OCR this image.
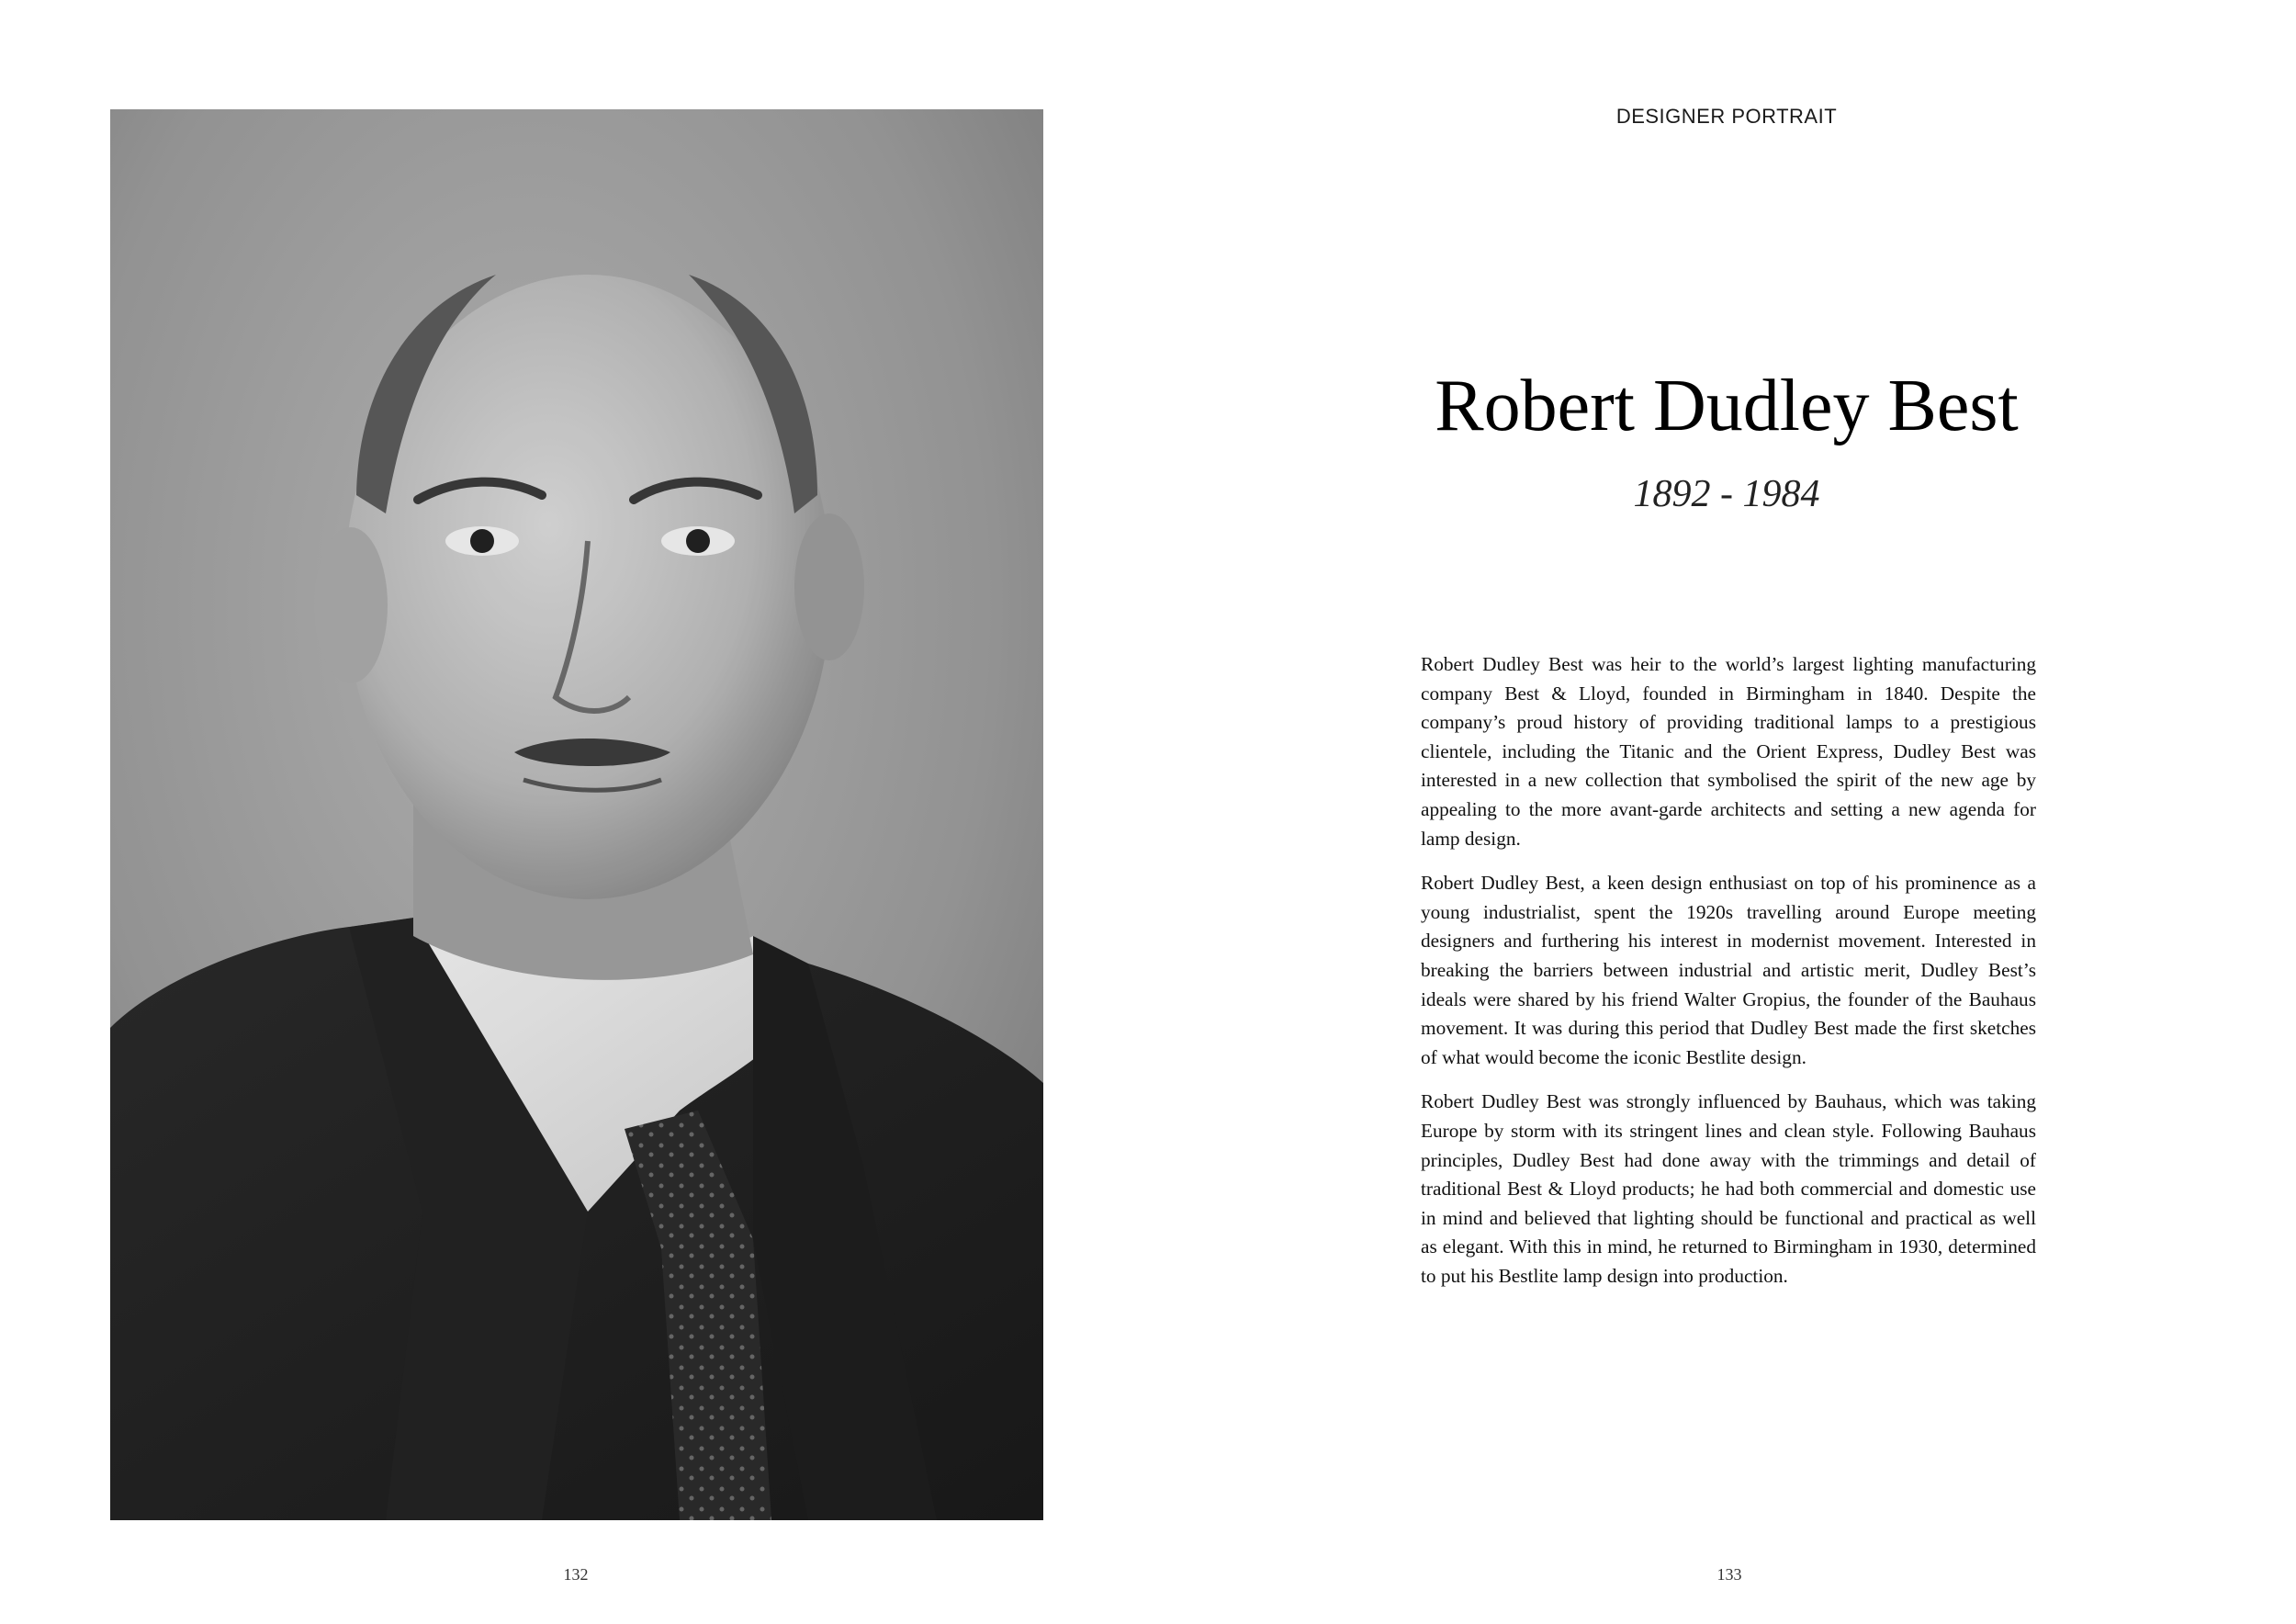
132
DESIGNER PORTRAIT
Robert Dudley Best
1892 - 1984

Robert Dudley Best was heir to the world’s largest lighting manufacturing company Best & Lloyd, founded in Birmingham in 1840. Despite the company’s proud history of providing traditional lamps to a prestigious clientele, including the Titanic and the Orient Express, Dudley Best was interested in a new collection that symbolised the spirit of the new age by appealing to the more avant-garde architects and setting a new agenda for lamp design.

Robert Dudley Best, a keen design enthusiast on top of his prominence as a young industrialist, spent the 1920s travelling around Europe meeting designers and furthering his interest in modernist movement. Interested in breaking the barriers between industrial and artistic merit, Dudley Best’s ideals were shared by his friend Walter Gropius, the founder of the Bauhaus movement. It was during this period that Dudley Best made the first sketches of what would become the iconic Bestlite design.

Robert Dudley Best was strongly influenced by Bauhaus, which was taking Europe by storm with its stringent lines and clean style. Following Bauhaus principles, Dudley Best had done away with the trimmings and detail of traditional Best & Lloyd products; he had both commercial and domestic use in mind and believed that lighting should be functional and practical as well as elegant. With this in mind, he returned to Birmingham in 1930, determined to put his Bestlite lamp design into production.

133
